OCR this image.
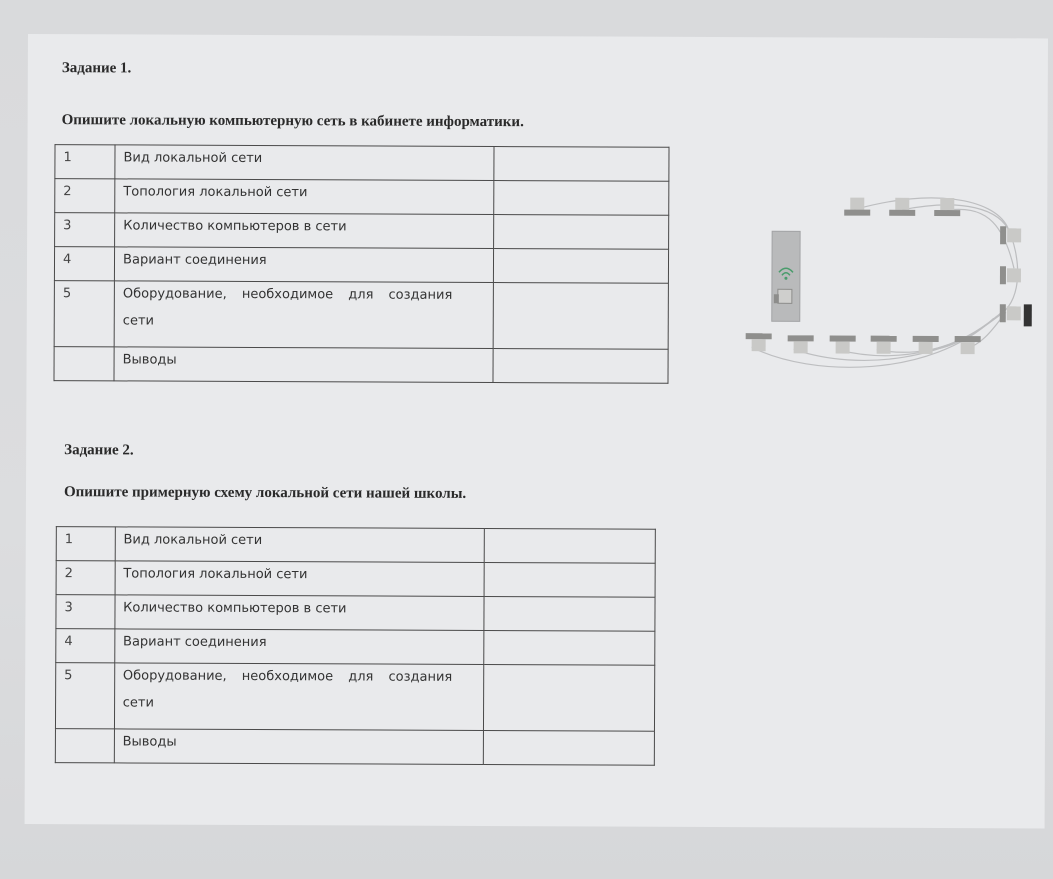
Задание 1.
Опишите локальную компьютерную сеть в кабинете информатики.
1	Вид локальной сети	
2	Топология локальной сети	
3	Количество компьютеров в сети	
4	Вариант соединения	
5	Оборудование, необходимое для создания
сети	

	Выводы	
Задание 2.
Опишите примерную схему локальной сети нашей школы.
1	Вид локальной сети	
2	Топология локальной сети	
3	Количество компьютеров в сети	
4	Вариант соединения	
5	Оборудование, необходимое для создания
сети	

	Выводы	
